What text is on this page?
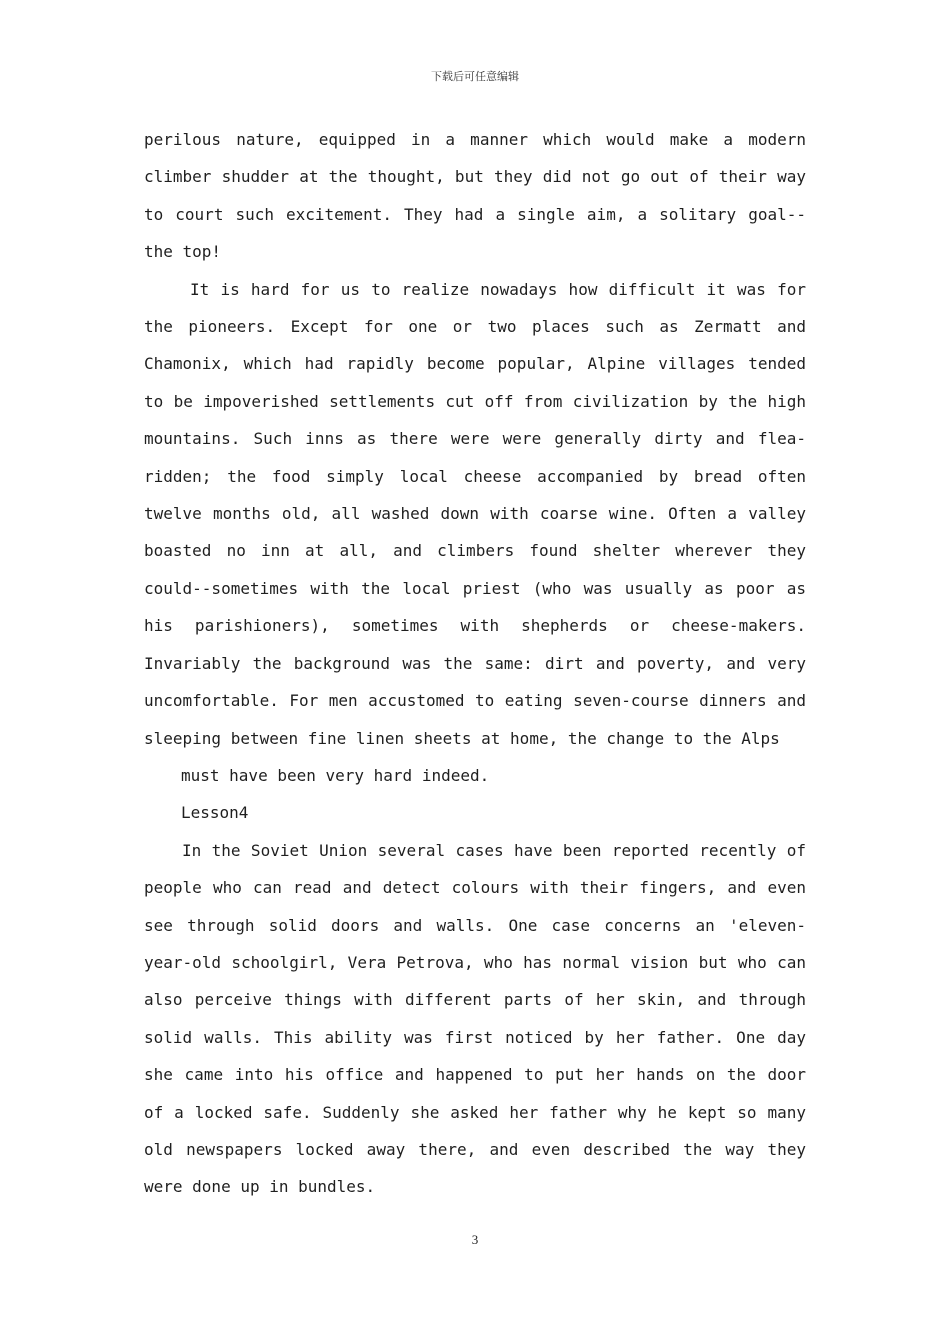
下载后可任意编辑

perilous nature, equipped in a manner which would make a modern climber shudder at the thought, but they did not go out of their way to court such excitement. They had a single aim, a solitary goal--the top!

It is hard for us to realize nowadays how difficult it was for the pioneers. Except for one or two places such as Zermatt and Chamonix, which had rapidly become popular, Alpine villages tended to be impoverished settlements cut off from civilization by the high mountains. Such inns as there were were generally dirty and flea-ridden; the food simply local cheese accompanied by bread often twelve months old, all washed down with coarse wine. Often a valley boasted no inn at all, and climbers found shelter wherever they could--sometimes with the local priest (who was usually as poor as his parishioners), sometimes with shepherds or cheese-makers. Invariably the background was the same: dirt and poverty, and very uncomfortable. For men accustomed to eating seven-course dinners and sleeping between fine linen sheets at home, the change to the Alps

must have been very hard indeed.

Lesson4

In the Soviet Union several cases have been reported recently of people who can read and detect colours with their fingers, and even see through solid doors and walls. One case concerns an 'eleven-year-old schoolgirl, Vera Petrova, who has normal vision but who can also perceive things with different parts of her skin, and through solid walls. This ability was first noticed by her father. One day she came into his office and happened to put her hands on the door of a locked safe. Suddenly she asked her father why he kept so many old newspapers locked away there, and even described the way they were done up in bundles.

3
